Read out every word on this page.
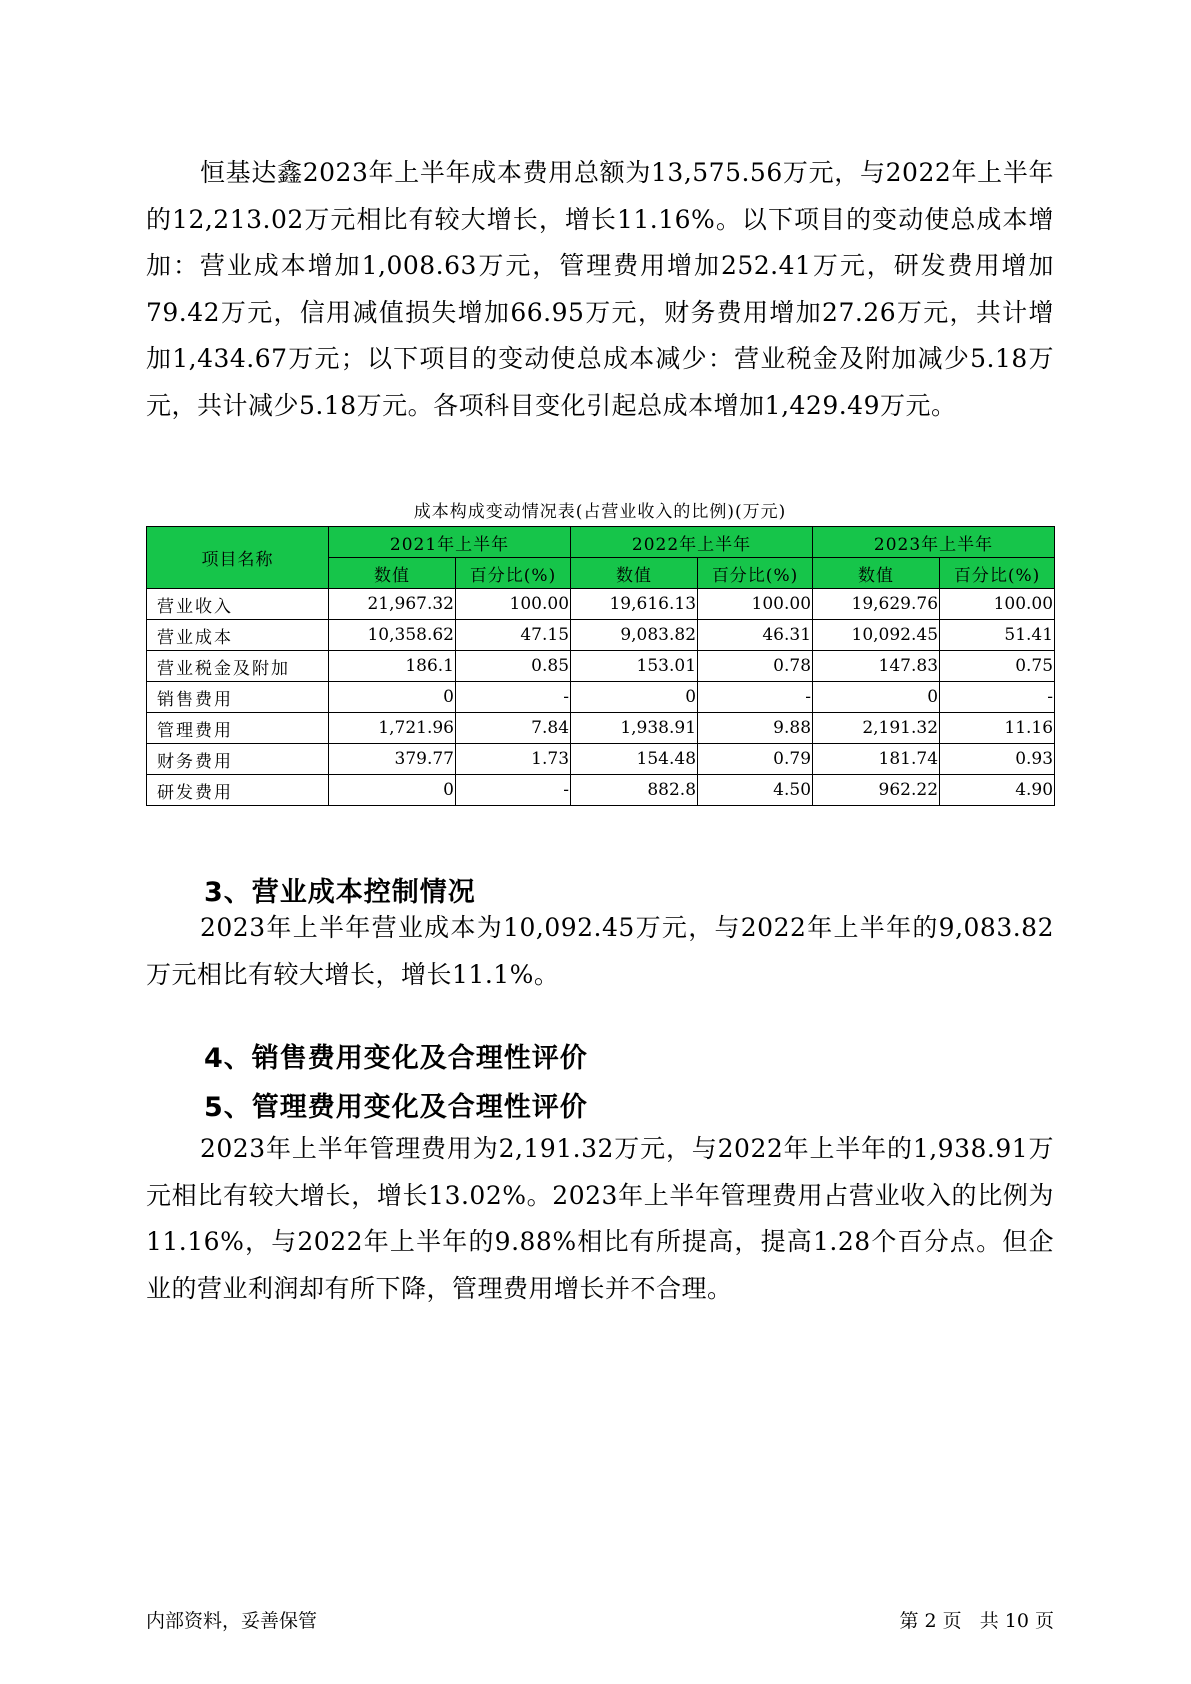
恒基达鑫2023年上半年成本费用总额为13,575.56万元，与2022年上半年的12,213.02万元相比有较大增长，增长11.16%。以下项目的变动使总成本增加：营业成本增加1,008.63万元，管理费用增加252.41万元，研发费用增加79.42万元，信用减值损失增加66.95万元，财务费用增加27.26万元，共计增加1,434.67万元；以下项目的变动使总成本减少：营业税金及附加减少5.18万元，共计减少5.18万元。各项科目变化引起总成本增加1,429.49万元。

成本构成变动情况表(占营业收入的比例)(万元)
项目名称	2021年上半年		2022年上半年		2023年上半年	
	数值	百分比(%)	数值	百分比(%)	数值	百分比(%)
营业收入	21,967.32	100.00	19,616.13	100.00	19,629.76	100.00
营业成本	10,358.62	47.15	9,083.82	46.31	10,092.45	51.41
营业税金及附加	186.1	0.85	153.01	0.78	147.83	0.75
销售费用	0	-	0	-	0	-
管理费用	1,721.96	7.84	1,938.91	9.88	2,191.32	11.16
财务费用	379.77	1.73	154.48	0.79	181.74	0.93
研发费用	0	-	882.8	4.50	962.22	4.90
3、营业成本控制情况

2023年上半年营业成本为10,092.45万元，与2022年上半年的9,083.82万元相比有较大增长，增长11.1%。

4、销售费用变化及合理性评价
5、管理费用变化及合理性评价

2023年上半年管理费用为2,191.32万元，与2022年上半年的1,938.91万元相比有较大增长，增长13.02%。2023年上半年管理费用占营业收入的比例为11.16%，与2022年上半年的9.88%相比有所提高，提高1.28个百分点。但企业的营业利润却有所下降，管理费用增长并不合理。

内部资料，妥善保管	第 2 页   共 10 页
